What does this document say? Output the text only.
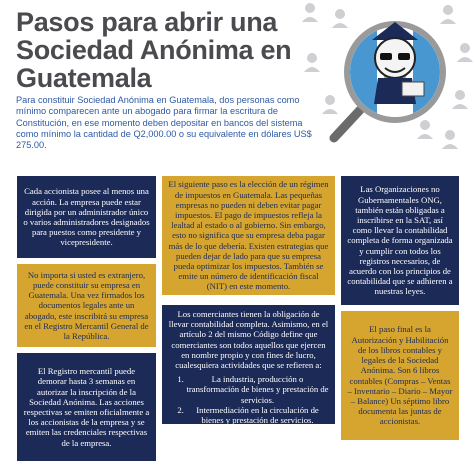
Pasos para abrir una Sociedad Anónima en Guatemala
Para constituir Sociedad Anónima en Guatemala, dos personas como mínimo comparecen ante un abogado para firmar la escritura de Constitución, en ese momento deben depositar en bancos del sistema como mínimo la cantidad de Q2,000.00 o su equivalente en dólares US$ 275.00.
Cada accionista posee al menos una acción. La empresa puede estar dirigida por un administrador único o varios administradores designados para puestos como presidente y vicepresidente.
El siguiente paso es la elección de un régimen de impuestos en Guatemala. Las pequeñas empresas no pueden ni deben evitar pagar impuestos. El pago de impuestos refleja la lealtad al estado o al gobierno. Sin embargo, esto no significa que su empresa deba pagar más de lo que debería. Existen estrategias que pueden dejar de lado para que su empresa pueda optimizar los impuestos. También se emite un número de identificación fiscal (NIT) en este momento.
Las Organizaciones no Gubernamentales ONG, también están obligadas a inscribirse en la SAT, así como llevar la contabilidad completa de forma organizada y cumplir con todos los registros necesarios, de acuerdo con los principios de contabilidad que se adhieren a nuestras leyes.
No importa si usted es extranjero, puede constituir su empresa en Guatemala. Una vez firmados los documentos legales ante un abogado, este inscribirá su empresa en el Registro Mercantil General de la República.
Los comerciantes tienen la obligación de llevar contabilidad completa. Asimismo, en el artículo 2 del mismo Código define que comerciantes son todos aquellos que ejercen en nombre propio y con fines de lucro, cualesquiera actividades que se refieren a:
1. La industria, producción o transformación de bienes y prestación de servicios.
2. Intermediación en la circulación de bienes y prestación de servicios.
3. La banca, seguros y fianzas
4. Las auxiliares de las anteriores
El paso final es la Autorización y Habilitación de los libros contables y legales de la Sociedad Anónima. Son 6 libros contables (Compras – Ventas – Inventario – Diario – Mayor – Balance) Un séptimo libro documenta las juntas de accionistas.
El Registro mercantil puede demorar hasta 3 semanas en autorizar la inscripción de la Sociedad Anónima. Las acciones respectivas se emiten oficialmente a los accionistas de la empresa y se emiten las credenciales respectivas de la empresa.
